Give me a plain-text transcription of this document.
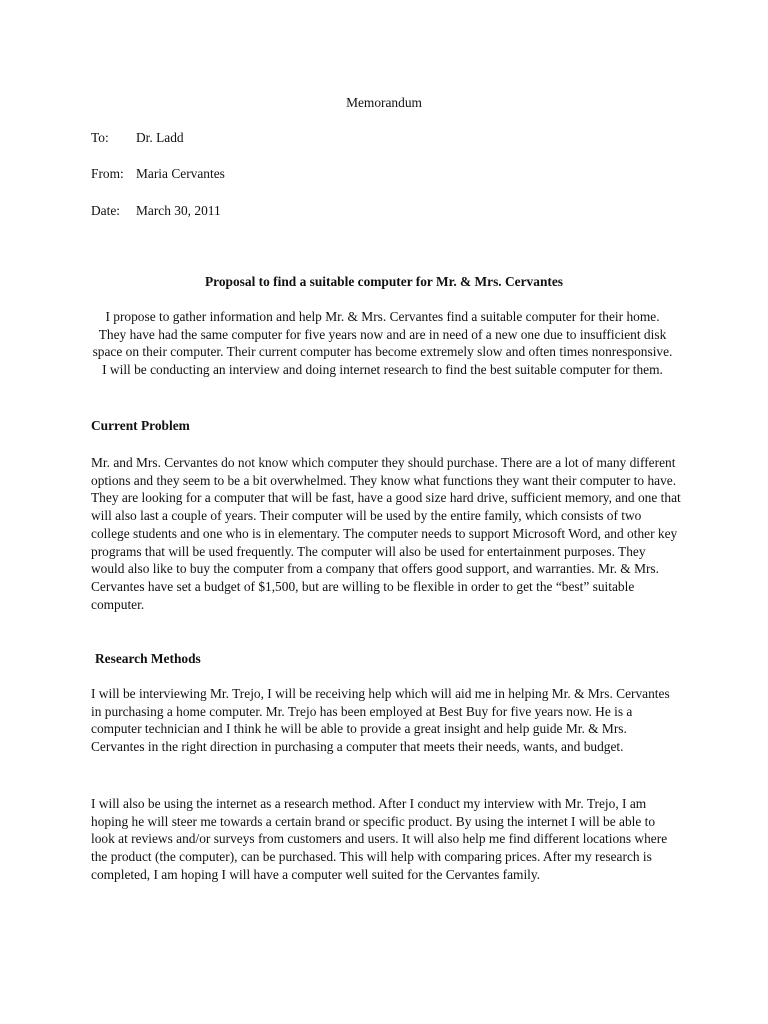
Memorandum
To: Dr. Ladd
From: Maria Cervantes
Date: March 30, 2011
Proposal to find a suitable computer for Mr. & Mrs. Cervantes
I propose to gather information and help Mr. & Mrs. Cervantes find a suitable computer for their home. They have had the same computer for five years now and are in need of a new one due to insufficient disk space on their computer. Their current computer has become extremely slow and often times nonresponsive. I will be conducting an interview and doing internet research to find the best suitable computer for them.
Current Problem
Mr. and Mrs. Cervantes do not know which computer they should purchase. There are a lot of many different options and they seem to be a bit overwhelmed. They know what functions they want their computer to have. They are looking for a computer that will be fast, have a good size hard drive, sufficient memory, and one that will also last a couple of years. Their computer will be used by the entire family, which consists of two college students and one who is in elementary. The computer needs to support Microsoft Word, and other key programs that will be used frequently. The computer will also be used for entertainment purposes. They would also like to buy the computer from a company that offers good support, and warranties. Mr. & Mrs. Cervantes have set a budget of $1,500, but are willing to be flexible in order to get the “best” suitable computer.
Research Methods
I will be interviewing Mr. Trejo, I will be receiving help which will aid me in helping Mr. & Mrs. Cervantes in purchasing a home computer. Mr. Trejo has been employed at Best Buy for five years now. He is a computer technician and I think he will be able to provide a great insight and help guide Mr. & Mrs. Cervantes in the right direction in purchasing a computer that meets their needs, wants, and budget.
I will also be using the internet as a research method. After I conduct my interview with Mr. Trejo, I am hoping he will steer me towards a certain brand or specific product. By using the internet I will be able to look at reviews and/or surveys from customers and users. It will also help me find different locations where the product (the computer), can be purchased. This will help with comparing prices. After my research is completed, I am hoping I will have a computer well suited for the Cervantes family.
